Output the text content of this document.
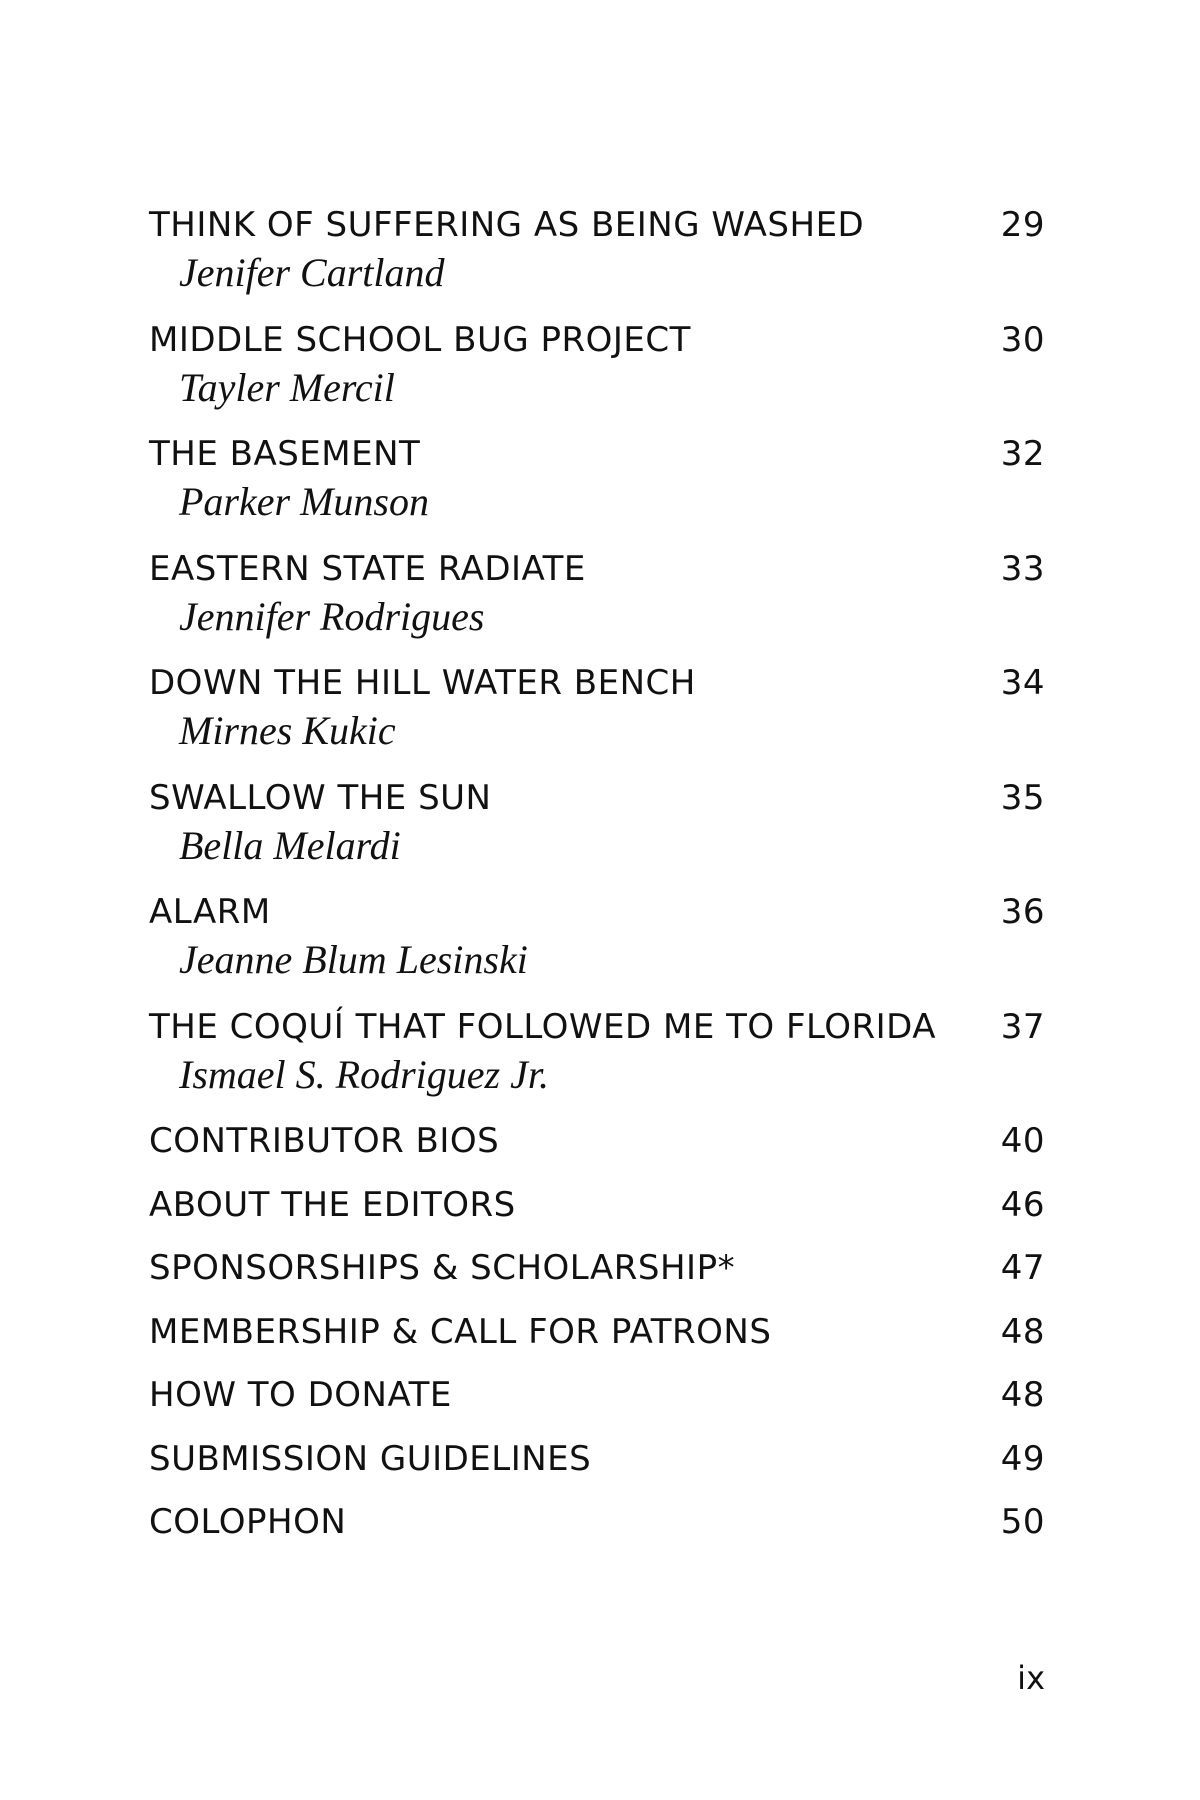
THINK OF SUFFERING AS BEING WASHED	29
Jenifer Cartland
MIDDLE SCHOOL BUG PROJECT	30
Tayler Mercil
THE BASEMENT	32
Parker Munson
EASTERN STATE RADIATE	33
Jennifer Rodrigues
DOWN THE HILL WATER BENCH	34
Mirnes Kukic
SWALLOW THE SUN	35
Bella Melardi
ALARM	36
Jeanne Blum Lesinski
THE COQUÍ THAT FOLLOWED ME TO FLORIDA 37
Ismael S. Rodriguez Jr.
CONTRIBUTOR BIOS	40
ABOUT THE EDITORS	46
SPONSORSHIPS & SCHOLARSHIP*	47
MEMBERSHIP & CALL FOR PATRONS	48
HOW TO DONATE	48
SUBMISSION GUIDELINES	49
COLOPHON	50
ix
